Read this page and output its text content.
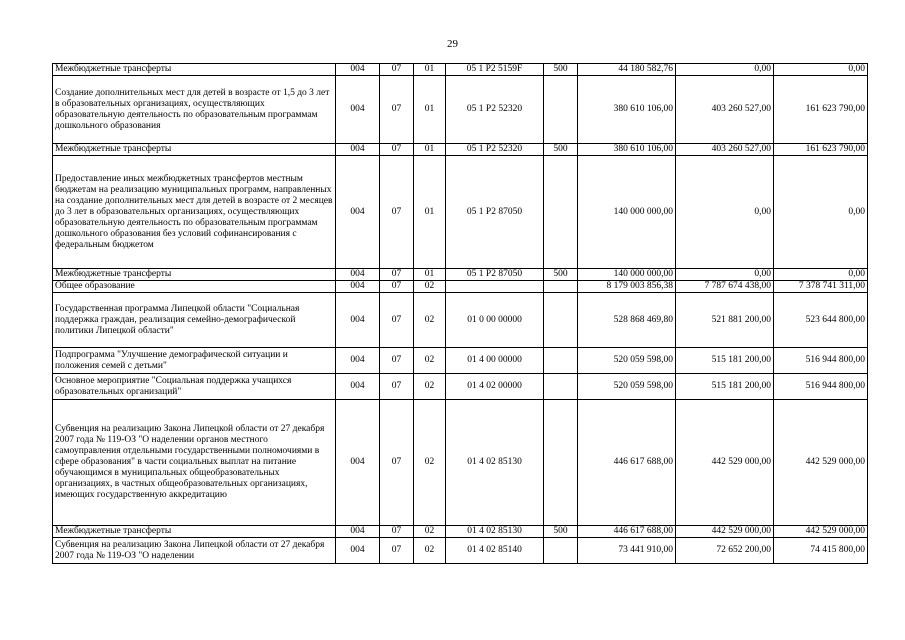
29
Межбюджетные трансферты	004	07	01	05 1 P2 5159F	500	44 180 582,76	0,00	0,00
Создание дополнительных мест для детей в возрасте от 1,5 до 3 лет в образовательных организациях, осуществляющих образовательную деятельность по образовательным программам дошкольного образования	004	07	01	05 1 P2 52320		380 610 106,00	403 260 527,00	161 623 790,00
Межбюджетные трансферты	004	07	01	05 1 P2 52320	500	380 610 106,00	403 260 527,00	161 623 790,00
Предоставление иных межбюджетных трансфертов местным бюджетам на реализацию муниципальных программ, направленных на создание дополнительных мест для детей в возрасте от 2 месяцев до 3 лет в образовательных организациях, осуществляющих образовательную деятельность по образовательным программам дошкольного образования без условий софинансирования с федеральным бюджетом	004	07	01	05 1 P2 87050		140 000 000,00	0,00	0,00
Межбюджетные трансферты	004	07	01	05 1 P2 87050	500	140 000 000,00	0,00	0,00
Общее образование	004	07	02			8 179 003 856,38	7 787 674 438,00	7 378 741 311,00
Государственная программа Липецкой области "Социальная поддержка граждан, реализация семейно-демографической политики Липецкой области"	004	07	02	01 0 00 00000		528 868 469,80	521 881 200,00	523 644 800,00
Подпрограмма "Улучшение демографической ситуации и положения семей с детьми"	004	07	02	01 4 00 00000		520 059 598,00	515 181 200,00	516 944 800,00
Основное мероприятие "Социальная поддержка учащихся образовательных организаций"	004	07	02	01 4 02 00000		520 059 598,00	515 181 200,00	516 944 800,00
Субвенция на реализацию Закона Липецкой области от 27 декабря 2007 года № 119-ОЗ "О наделении органов местного самоуправления отдельными государственными полномочиями в сфере образования" в части социальных выплат на питание обучающимся в муниципальных общеобразовательных организациях, в частных общеобразовательных организациях, имеющих государственную аккредитацию	004	07	02	01 4 02 85130		446 617 688,00	442 529 000,00	442 529 000,00
Межбюджетные трансферты	004	07	02	01 4 02 85130	500	446 617 688,00	442 529 000,00	442 529 000,00
Субвенция на реализацию Закона Липецкой области от 27 декабря 2007 года № 119-ОЗ "О наделении	004	07	02	01 4 02 85140		73 441 910,00	72 652 200,00	74 415 800,00
